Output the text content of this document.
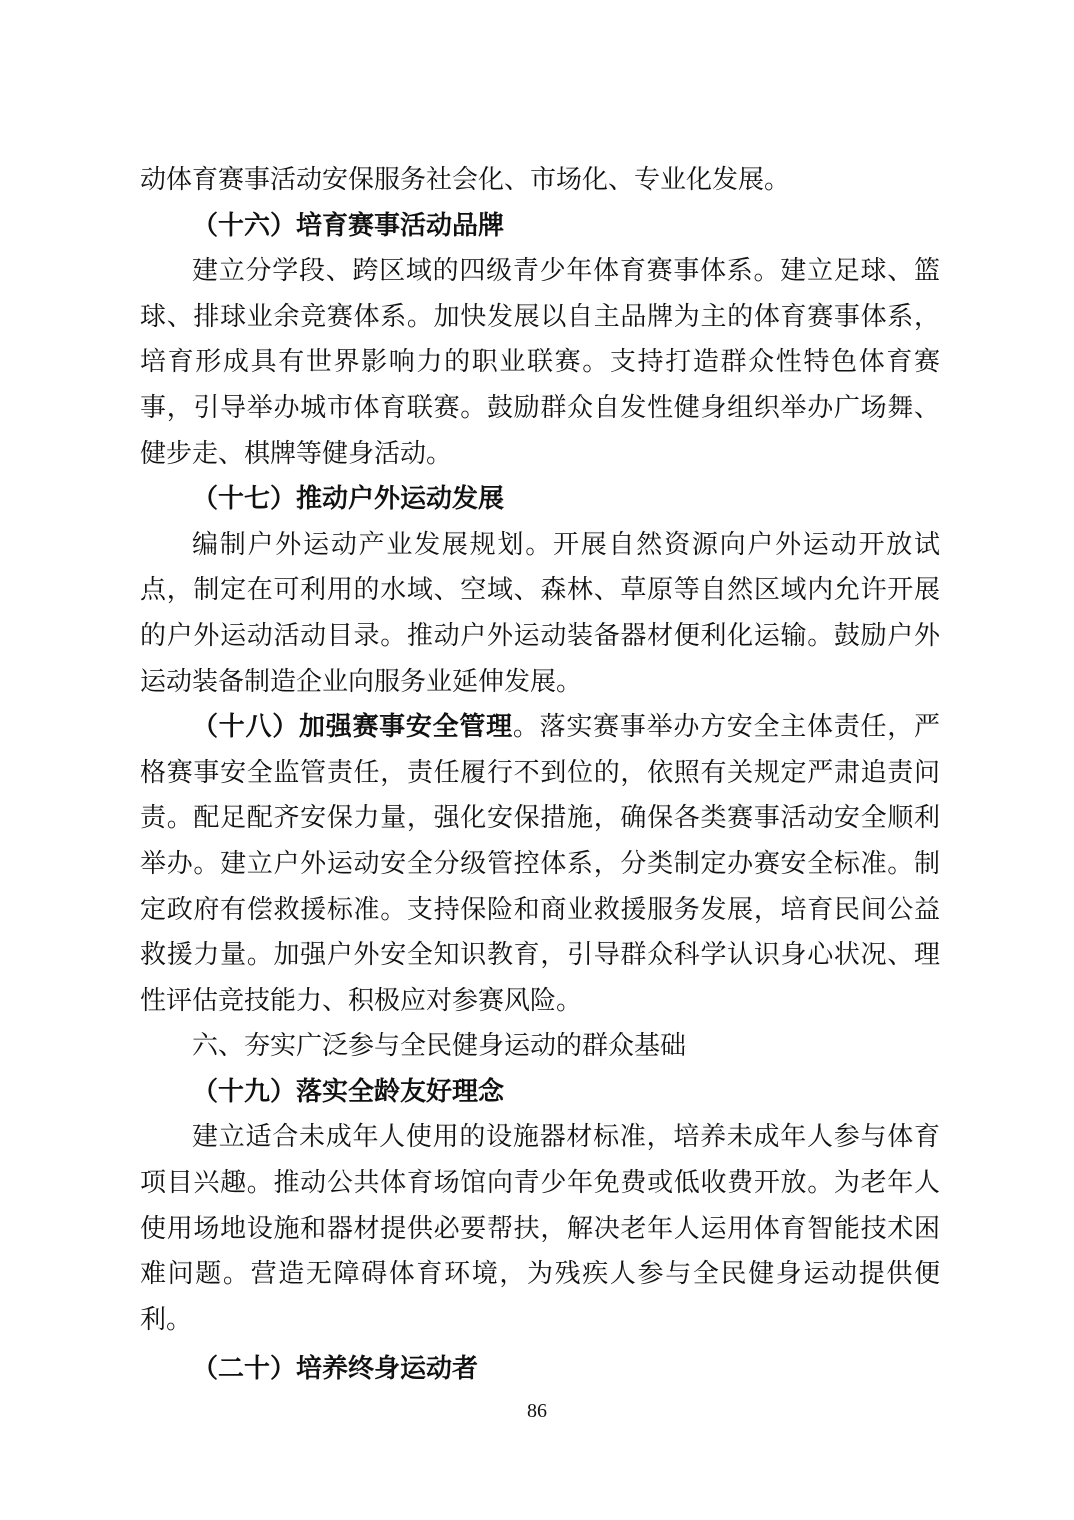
动体育赛事活动安保服务社会化、市场化、专业化发展。

（十六）培育赛事活动品牌

建立分学段、跨区域的四级青少年体育赛事体系。建立足球、篮球、排球业余竞赛体系。加快发展以自主品牌为主的体育赛事体系，培育形成具有世界影响力的职业联赛。支持打造群众性特色体育赛事，引导举办城市体育联赛。鼓励群众自发性健身组织举办广场舞、健步走、棋牌等健身活动。

（十七）推动户外运动发展

编制户外运动产业发展规划。开展自然资源向户外运动开放试点，制定在可利用的水域、空域、森林、草原等自然区域内允许开展的户外运动活动目录。推动户外运动装备器材便利化运输。鼓励户外运动装备制造企业向服务业延伸发展。

（十八）加强赛事安全管理。落实赛事举办方安全主体责任，严格赛事安全监管责任，责任履行不到位的，依照有关规定严肃追责问责。配足配齐安保力量，强化安保措施，确保各类赛事活动安全顺利举办。建立户外运动安全分级管控体系，分类制定办赛安全标准。制定政府有偿救援标准。支持保险和商业救援服务发展，培育民间公益救援力量。加强户外安全知识教育，引导群众科学认识身心状况、理性评估竞技能力、积极应对参赛风险。

六、夯实广泛参与全民健身运动的群众基础

（十九）落实全龄友好理念

建立适合未成年人使用的设施器材标准，培养未成年人参与体育项目兴趣。推动公共体育场馆向青少年免费或低收费开放。为老年人使用场地设施和器材提供必要帮扶，解决老年人运用体育智能技术困难问题。营造无障碍体育环境，为残疾人参与全民健身运动提供便利。

（二十）培养终身运动者

86
